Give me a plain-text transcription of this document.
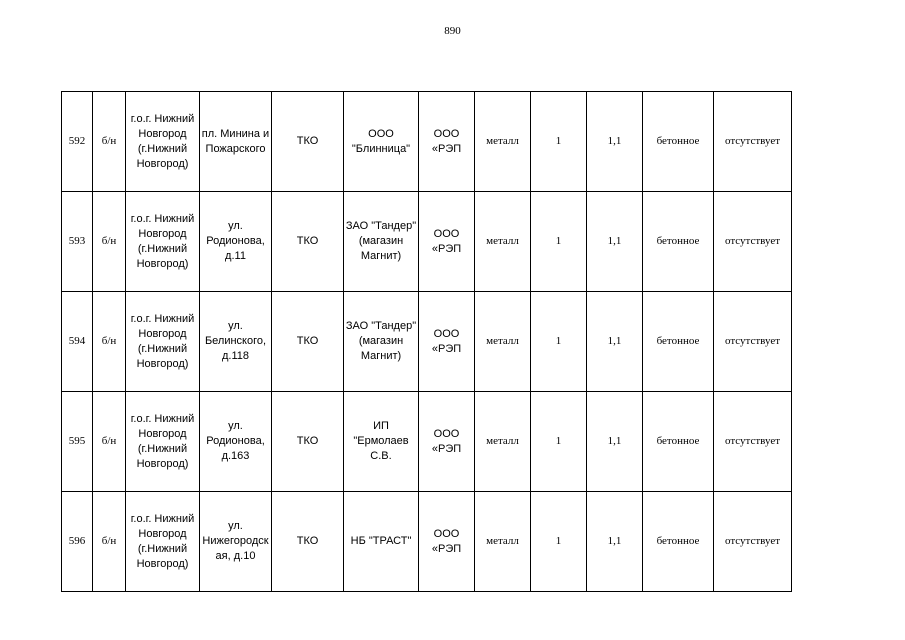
890
592	б/н	г.о.г. Нижний Новгород (г.Нижний Новгород)	пл. Минина и Пожарского	ТКО	ООО "Блинница"	ООО «РЭП	металл	1	1,1	бетонное	отсутствует
593	б/н	г.о.г. Нижний Новгород (г.Нижний Новгород)	ул. Родионова, д.11	ТКО	ЗАО "Тандер" (магазин Магнит)	ООО «РЭП	металл	1	1,1	бетонное	отсутствует
594	б/н	г.о.г. Нижний Новгород (г.Нижний Новгород)	ул. Белинского, д.118	ТКО	ЗАО "Тандер" (магазин Магнит)	ООО «РЭП	металл	1	1,1	бетонное	отсутствует
595	б/н	г.о.г. Нижний Новгород (г.Нижний Новгород)	ул. Родионова, д.163	ТКО	ИП "Ермолаев С.В.	ООО «РЭП	металл	1	1,1	бетонное	отсутствует
596	б/н	г.о.г. Нижний Новгород (г.Нижний Новгород)	ул. Нижегородская, д.10	ТКО	НБ "ТРАСТ"	ООО «РЭП	металл	1	1,1	бетонное	отсутствует
